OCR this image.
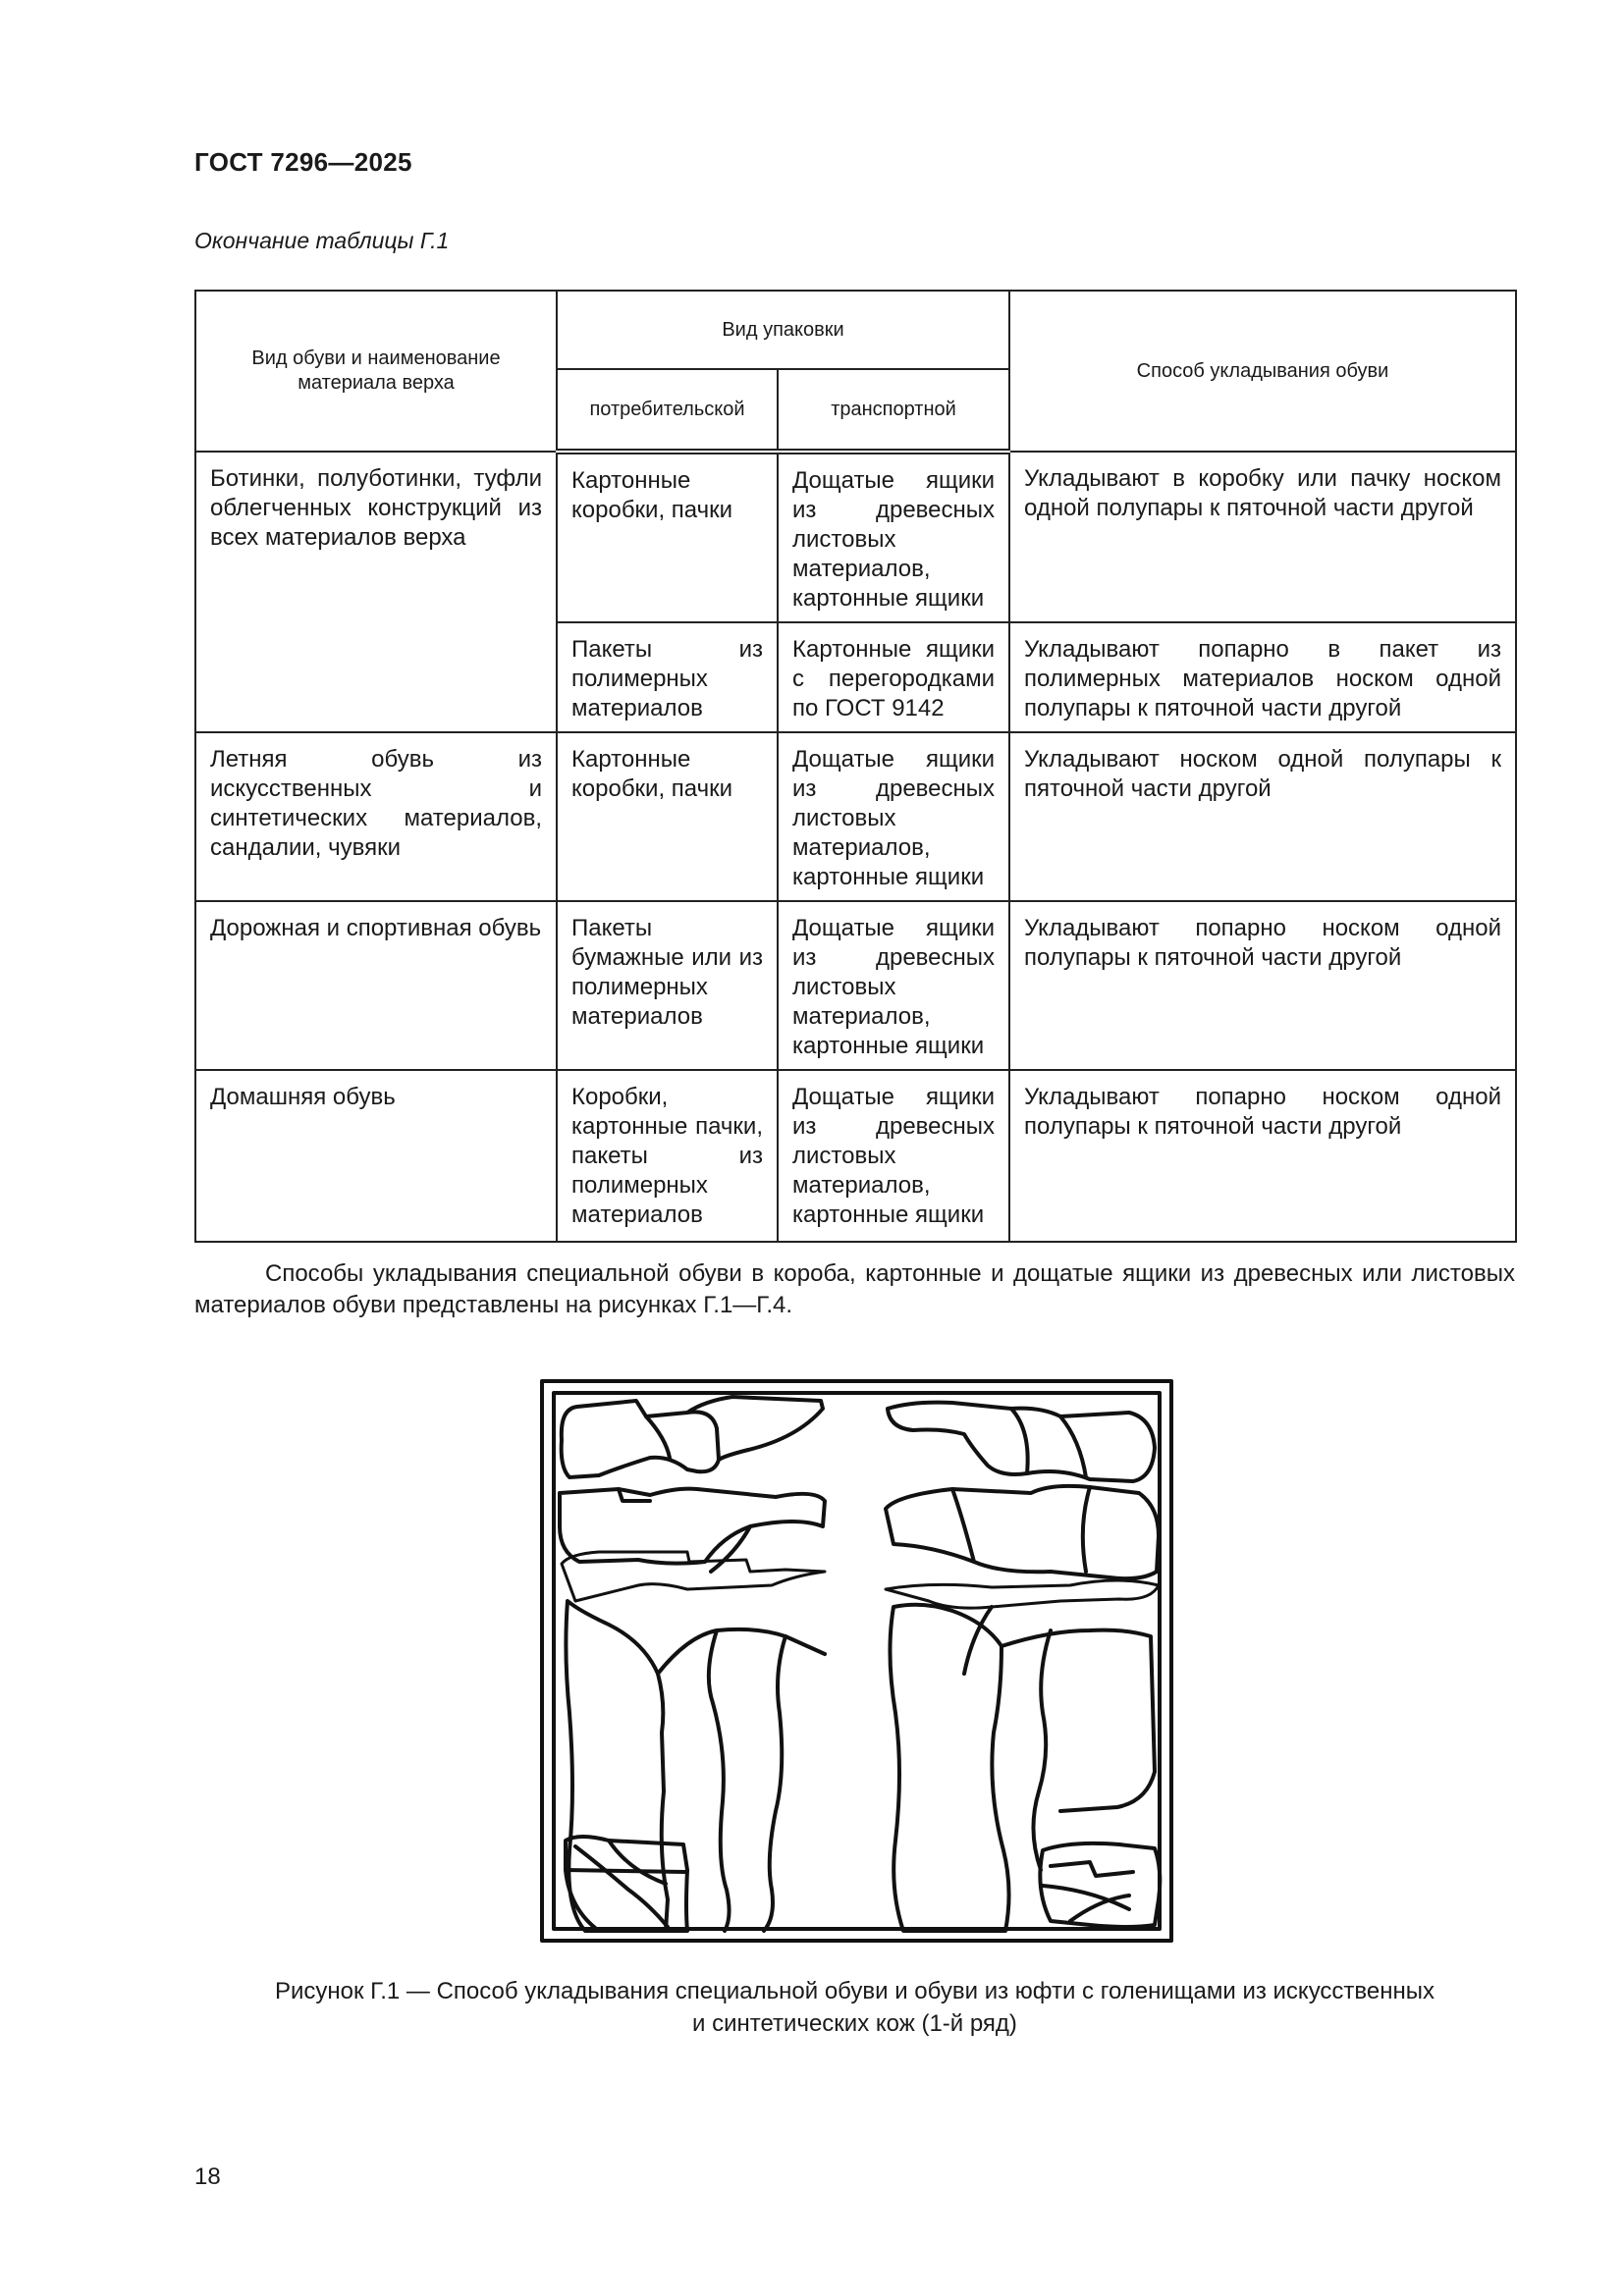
ГОСТ 7296—2025
Окончание таблицы Г.1
Вид обуви и наименование материала верха	Вид упаковки		Способ укладывания обуви
	потребительской	транспортной	

Ботинки, полуботинки, туфли облегченных конструкций из всех материалов верха	Картонные коробки, пачки	Дощатые ящики из древесных листовых материалов, картонные ящики	Укладывают в коробку или пачку носком одной полупары к пяточной части другой

	Пакеты из полимерных материалов	Картонные ящики с перегородками по ГОСТ 9142	Укладывают попарно в пакет из полимерных материалов носком одной полупары к пяточной части другой

Летняя обувь из искусственных и синтетических материалов, сандалии, чувяки	Картонные коробки, пачки	Дощатые ящики из древесных листовых материалов, картонные ящики	Укладывают носком одной полупары к пяточной части другой

Дорожная и спортивная обувь	Пакеты бумажные или из полимерных материалов	Дощатые ящики из древесных листовых материалов, картонные ящики	Укладывают попарно носком одной полупары к пяточной части другой

Домашняя обувь	Коробки, картонные пачки, пакеты из полимерных материалов	Дощатые ящики из древесных листовых материалов, картонные ящики	Укладывают попарно носком одной полупары к пяточной части другой
Способы укладывания специальной обуви в короба, картонные и дощатые ящики из древесных или листовых материалов обуви представлены на рисунках Г.1—Г.4.
Рисунок Г.1 — Способ укладывания специальной обуви и обуви из юфти с голенищами из искусственных
и синтетических кож (1-й ряд)
18
